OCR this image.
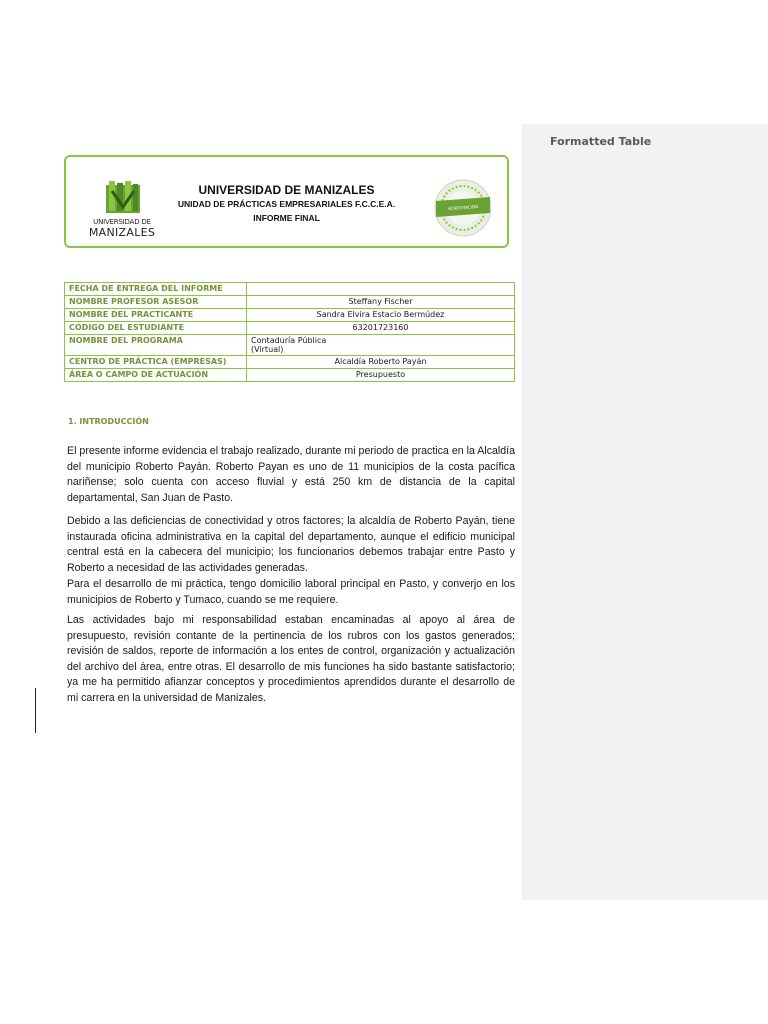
Formatted Table
UNIVERSIDAD DE
MANIZALES
UNIVERSIDAD DE MANIZALES
UNIDAD DE PRÁCTICAS EMPRESARIALES F.C.C.E.A.
INFORME FINAL
ACREDITACIÓN
FECHA DE ENTREGA DEL INFORME	
NOMBRE PROFESOR ASESOR	Steffany Fischer
NOMBRE DEL PRACTICANTE	Sandra Elvira Estacio Bermúdez
CÓDIGO DEL ESTUDIANTE	63201723160
NOMBRE DEL PROGRAMA	Contaduría Pública
(Virtual)

CENTRO DE PRÁCTICA (EMPRESAS)	Alcaldía Roberto Payán
ÁREA O CAMPO DE ACTUACIÓN	Presupuesto
1. INTRODUCCIÓN
El presente informe evidencia el trabajo realizado, durante mi periodo de practica en la Alcaldía del municipio Roberto Payán. Roberto Payan es uno de 11 municipios de la costa pacífica nariñense; solo cuenta con acceso fluvial y está 250 km de distancia de la capital departamental, San Juan de Pasto.
Debido a las deficiencias de conectividad y otros factores; la alcaldía de Roberto Payán, tiene instaurada oficina administrativa en la capital del departamento, aunque el edificio municipal central está en la cabecera del municipio; los funcionarios debemos trabajar entre Pasto y Roberto a necesidad de las actividades generadas.
Para el desarrollo de mi práctica, tengo domicilio laboral principal en Pasto, y converjo en los municipios de Roberto y Tumaco, cuando se me requiere.
Las actividades bajo mi responsabilidad estaban encaminadas al apoyo al área de presupuesto, revisión contante de la pertinencia de los rubros con los gastos generados; revisión de saldos, reporte de información a los entes de control, organización y actualización del archivo del área, entre otras. El desarrollo de mis funciones ha sido bastante satisfactorio; ya me ha permitido afianzar conceptos y procedimientos aprendidos durante el desarrollo de mi carrera en la universidad de Manizales.
